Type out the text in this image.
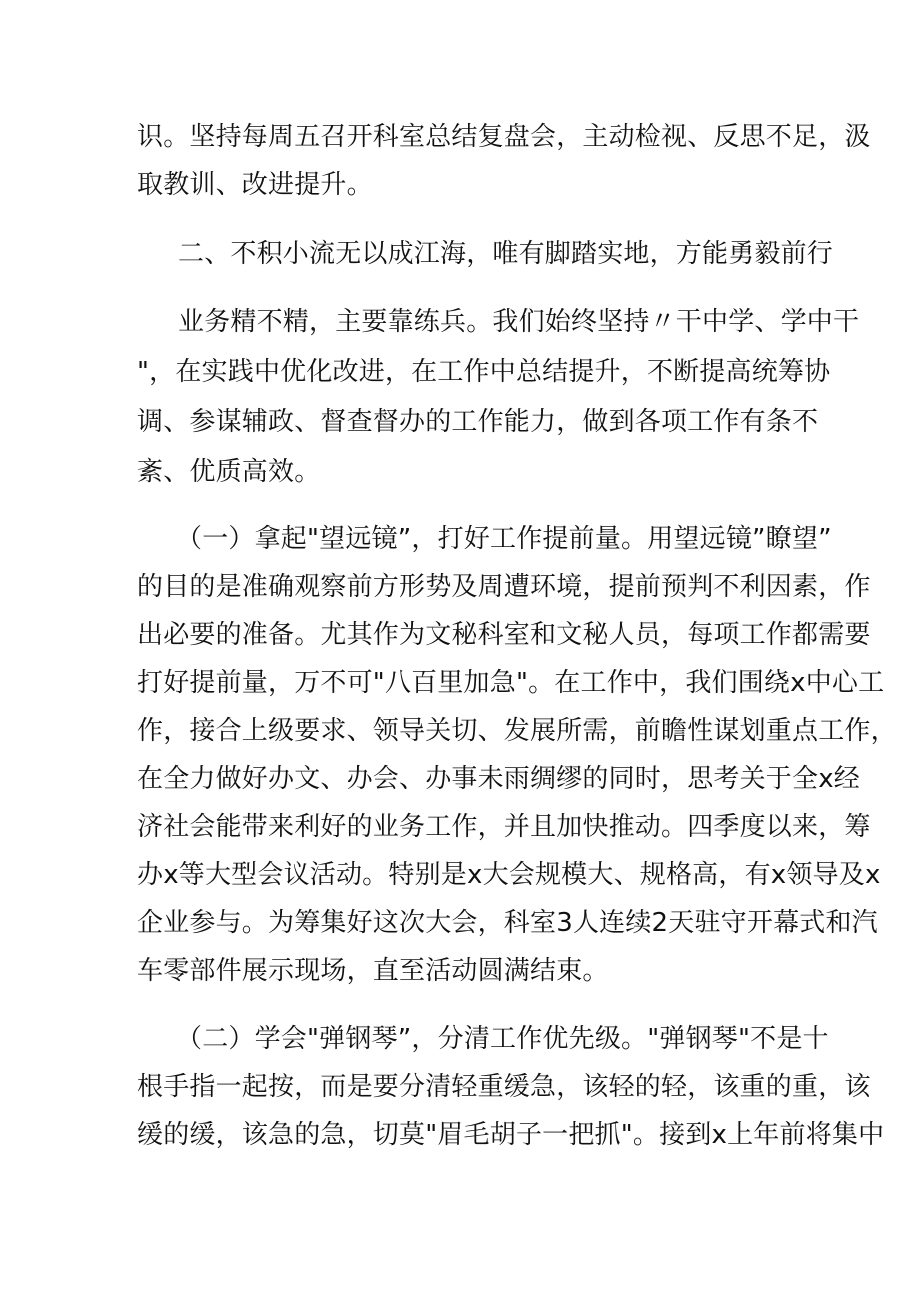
识。坚持每周五召开科室总结复盘会，主动检视、反思不足，汲
取教训、改进提升。
二、不积小流无以成江海，唯有脚踏实地，方能勇毅前行
业务精不精，主要靠练兵。我们始终坚持〃干中学、学中干
"，在实践中优化改进，在工作中总结提升，不断提高统筹协
调、参谋辅政、督查督办的工作能力，做到各项工作有条不
紊、优质高效。
（一）拿起"望远镜”，打好工作提前量。用望远镜”瞭望”
的目的是准确观察前方形势及周遭环境，提前预判不利因素，作
出必要的准备。尤其作为文秘科室和文秘人员，每项工作都需要
打好提前量，万不可"八百里加急"。在工作中，我们围绕x中心工
作，接合上级要求、领导关切、发展所需，前瞻性谋划重点工作，
在全力做好办文、办会、办事未雨绸缪的同时，思考关于全x经
济社会能带来利好的业务工作，并且加快推动。四季度以来，筹
办x等大型会议活动。特别是x大会规模大、规格高，有x领导及x
企业参与。为筹集好这次大会，科室3人连续2天驻守开幕式和汽
车零部件展示现场，直至活动圆满结束。
（二）学会"弹钢琴”，分清工作优先级。"弹钢琴"不是十
根手指一起按，而是要分清轻重缓急，该轻的轻，该重的重，该
缓的缓，该急的急，切莫"眉毛胡子一把抓"。接到x上年前将集中
